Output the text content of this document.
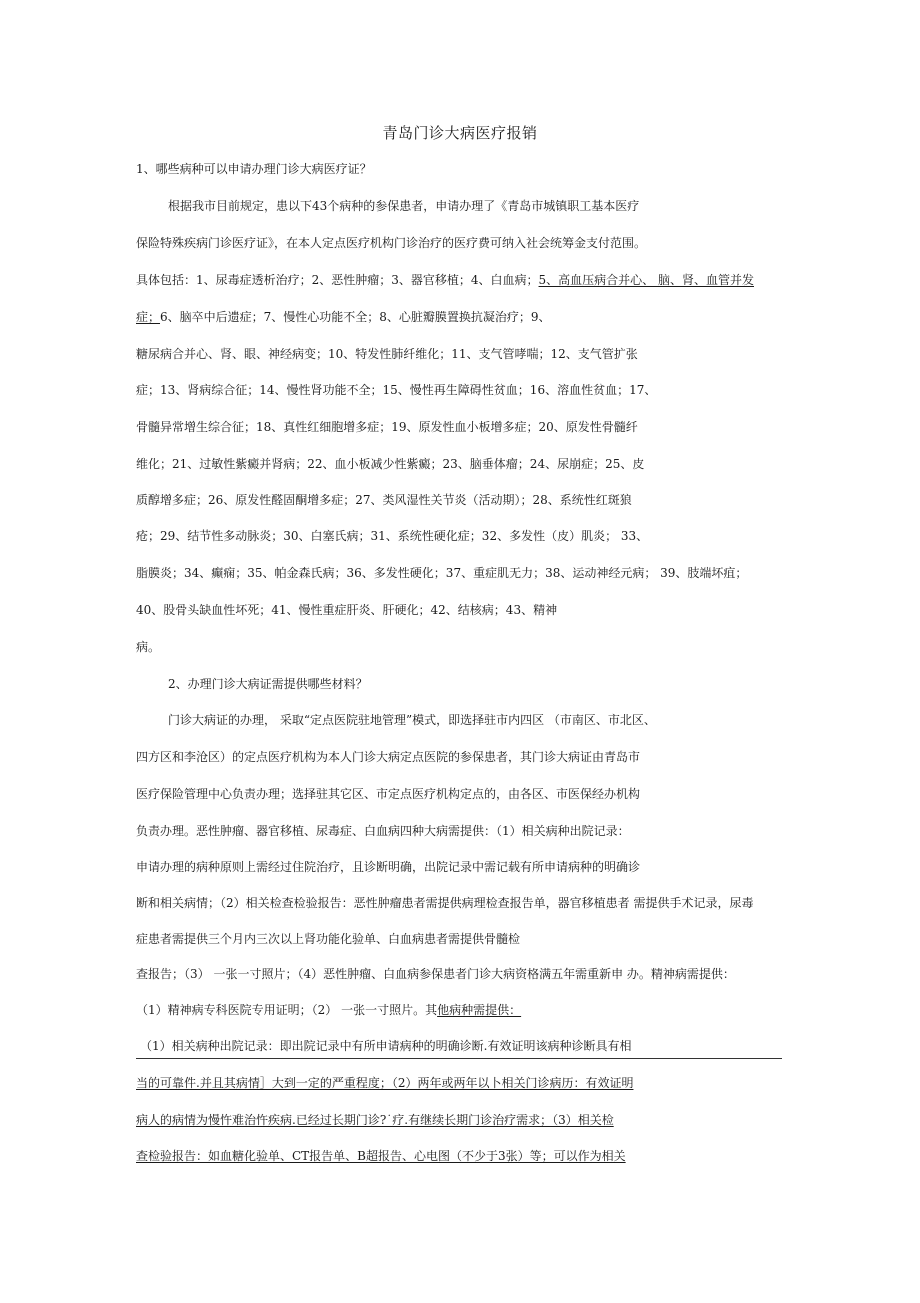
青岛门诊大病医疗报销
1、哪些病种可以申请办理门诊大病医疗证？
根据我市目前规定，患以下43个病种的参保患者，申请办理了《青岛市城镇职工基本医疗
保险特殊疾病门诊医疗证》，在本人定点医疗机构门诊治疗的医疗费可纳入社会统筹金支付范围。
具体包括：1、尿毒症透析治疗；2、恶性肿瘤；3、器官移植；4、白血病；5、高血压病合并心、 脑、肾、血管并发
症；6、脑卒中后遗症；7、慢性心功能不全；8、心脏瓣膜置换抗凝治疗；9、
糖尿病合并心、肾、眼、神经病变；10、特发性肺纤维化；11、支气管哮喘；12、支气管扩张
症；13、肾病综合征；14、慢性肾功能不全；15、慢性再生障碍性贫血；16、溶血性贫血；17、
骨髓异常增生综合征；18、真性红细胞增多症；19、原发性血小板增多症；20、原发性骨髓纤
维化；21、过敏性紫癜并肾病；22、血小板减少性紫癜；23、脑垂体瘤；24、尿崩症；25、皮
质醇增多症；26、原发性醛固酮增多症；27、类风湿性关节炎（活动期）；28、系统性红斑狼
疮；29、结节性多动脉炎；30、白塞氏病；31、系统性硬化症；32、多发性（皮）肌炎； 33、
脂膜炎；34、癫痫；35、帕金森氏病；36、多发性硬化；37、重症肌无力；38、运动神经元病； 39、肢端坏疽；
40、股骨头缺血性坏死；41、慢性重症肝炎、肝硬化；42、结核病；43、精神
病。
2、办理门诊大病证需提供哪些材料？
门诊大病证的办理， 采取“定点医院驻地管理”模式，即选择驻市内四区 （市南区、市北区、
四方区和李沧区）的定点医疗机构为本人门诊大病定点医院的参保患者，其门诊大病证由青岛市
医疗保险管理中心负责办理；选择驻其它区、市定点医疗机构定点的，由各区、市医保经办机构
负责办理。恶性肿瘤、器官移植、尿毒症、白血病四种大病需提供：（1）相关病种出院记录：
申请办理的病种原则上需经过住院治疗，且诊断明确，出院记录中需记载有所申请病种的明确诊
断和相关病情；（2）相关检查检验报告：恶性肿瘤患者需提供病理检查报告单，器官移植患者 需提供手术记录，尿毒
症患者需提供三个月内三次以上肾功能化验单、白血病患者需提供骨髓检
查报告；（3） 一张一寸照片；（4）恶性肿瘤、白血病参保患者门诊大病资格满五年需重新申 办。精神病需提供：
（1）精神病专科医院专用证明；（2） 一张一寸照片。其他病种需提供：
（1）相关病种出院记录：即出院记录中有所申请病种的明确诊断.有效证明该病种诊断具有相
当的可靠件.并且其病情］大到一定的严重程度；（2）两年或两年以卜相关门诊病历：有效证明
病人的病情为慢忤难治忤疾病.已经过长期门诊?˙疗.有继续长期门诊治疗需求；（3）相关检
查检验报告：如血糖化验单、CT报告单、B超报告、心电图（不少于3张）等；可以作为相关
